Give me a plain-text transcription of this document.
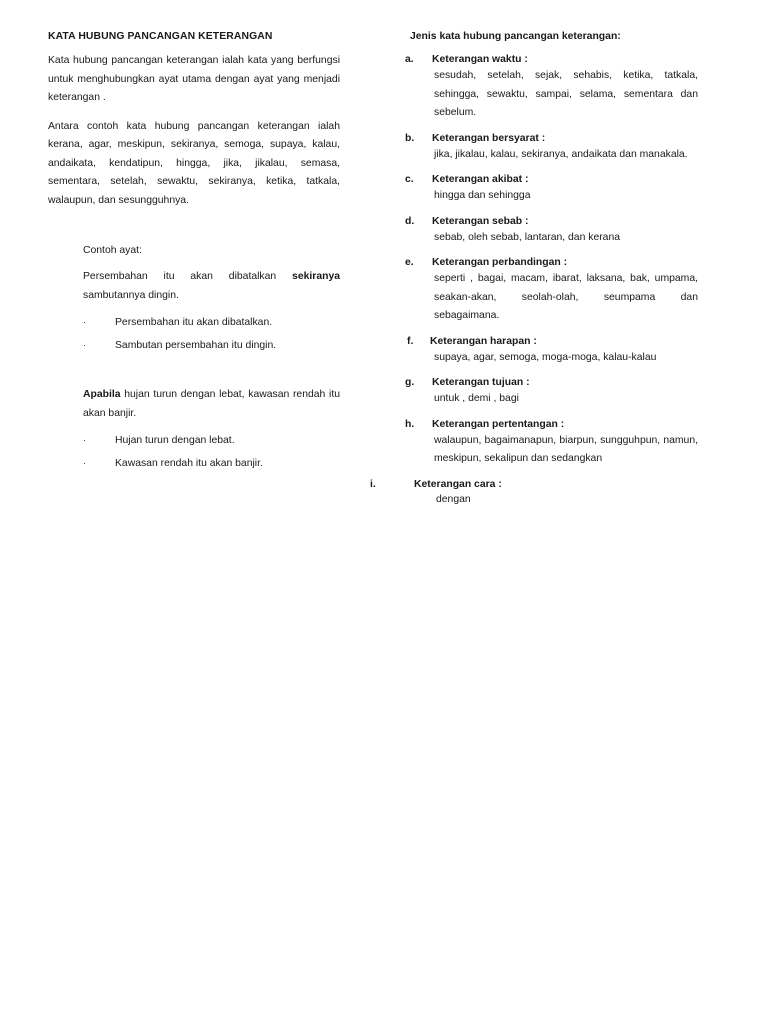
KATA HUBUNG PANCANGAN KETERANGAN

Kata hubung pancangan keterangan ialah kata yang berfungsi untuk menghubungkan ayat utama dengan ayat yang menjadi keterangan .

Antara contoh kata hubung pancangan keterangan ialah kerana, agar, meskipun, sekiranya, semoga, supaya, kalau, andaikata, kendatipun, hingga, jika, jikalau, semasa, sementara, setelah, sewaktu, sekiranya, ketika, tatkala, walaupun, dan sesungguhnya.

Contoh ayat:
Persembahan itu akan dibatalkan sekiranya sambutannya dingin.
·	Persembahan itu akan dibatalkan.
·	Sambutan persembahan itu dingin.
Apabila hujan turun dengan lebat, kawasan rendah itu akan banjir.
·	Hujan turun dengan lebat.
·	Kawasan rendah itu akan banjir.
Jenis kata hubung pancangan keterangan:
a. Keterangan waktu :
sesudah, setelah, sejak, sehabis, ketika, tatkala, sehingga, sewaktu, sampai, selama, sementara dan sebelum.
b. Keterangan bersyarat :
jika, jikalau, kalau, sekiranya, andaikata dan manakala.
c. Keterangan akibat :
hingga dan sehingga
d. Keterangan sebab :
sebab, oleh sebab, lantaran, dan kerana
e. Keterangan perbandingan :
seperti , bagai, macam, ibarat, laksana, bak, umpama, seakan-akan, seolah-olah, seumpama dan sebagaimana.
f. Keterangan harapan :
supaya, agar, semoga, moga-moga, kalau-kalau
g. Keterangan tujuan :
untuk , demi , bagi
h. Keterangan pertentangan :
walaupun, bagaimanapun, biarpun, sungguhpun, namun, meskipun, sekalipun dan sedangkan
i.	Keterangan cara :
dengan
